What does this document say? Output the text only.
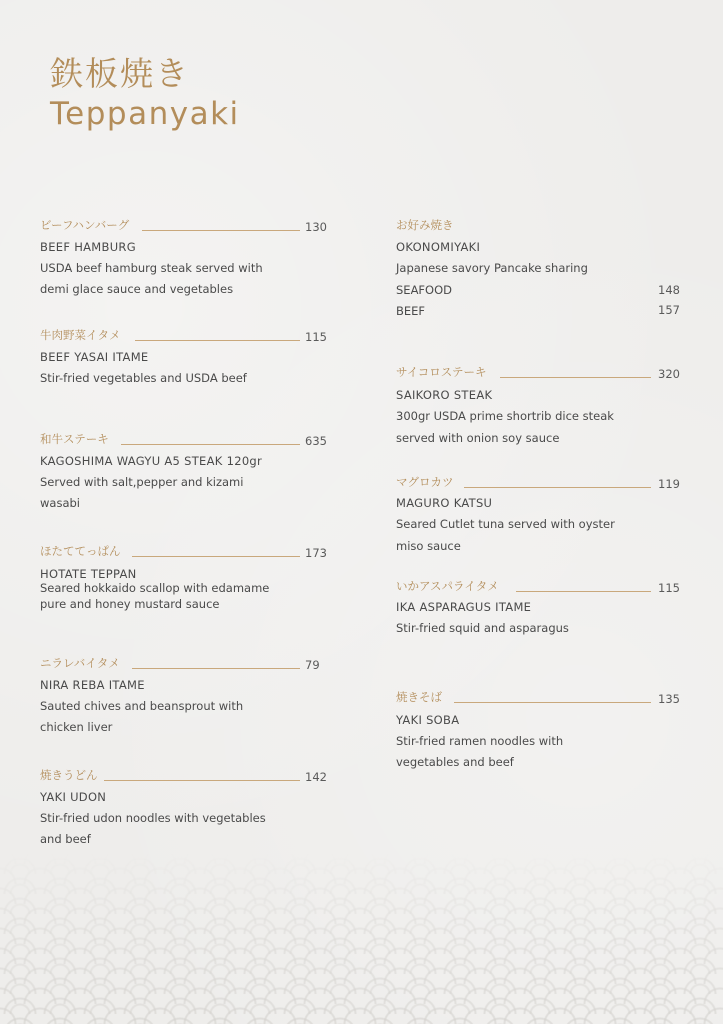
鉄板焼き
Teppanyaki
ビーフハンバーグ	130
BEEF HAMBURG
USDA beef hamburg steak served with
demi glace sauce and vegetables
牛肉野菜イタメ	115
BEEF YASAI ITAME
Stir-fried vegetables and USDA beef
和牛ステーキ	635
KAGOSHIMA WAGYU A5 STEAK 120gr
Served with salt,pepper and kizami
wasabi
ほたててっぱん	173
HOTATE TEPPAN
Seared hokkaido scallop with edamame
pure and honey mustard sauce
ニラレバイタメ	79
NIRA REBA ITAME
Sauted chives and beansprout with
chicken liver
焼きうどん	142
YAKI UDON
Stir-fried udon noodles with vegetables
and beef
お好み焼き
OKONOMIYAKI
Japanese savory Pancake sharing
SEAFOOD	148
BEEF	157
サイコロステーキ	320
SAIKORO STEAK
300gr USDA prime shortrib dice steak
served with onion soy sauce
マグロカツ	119
MAGURO KATSU
Seared Cutlet tuna served with oyster
miso sauce
いかアスパライタメ	115
IKA ASPARAGUS ITAME
Stir-fried squid and asparagus
焼きそば	135
YAKI SOBA
Stir-fried ramen noodles with
vegetables and beef
